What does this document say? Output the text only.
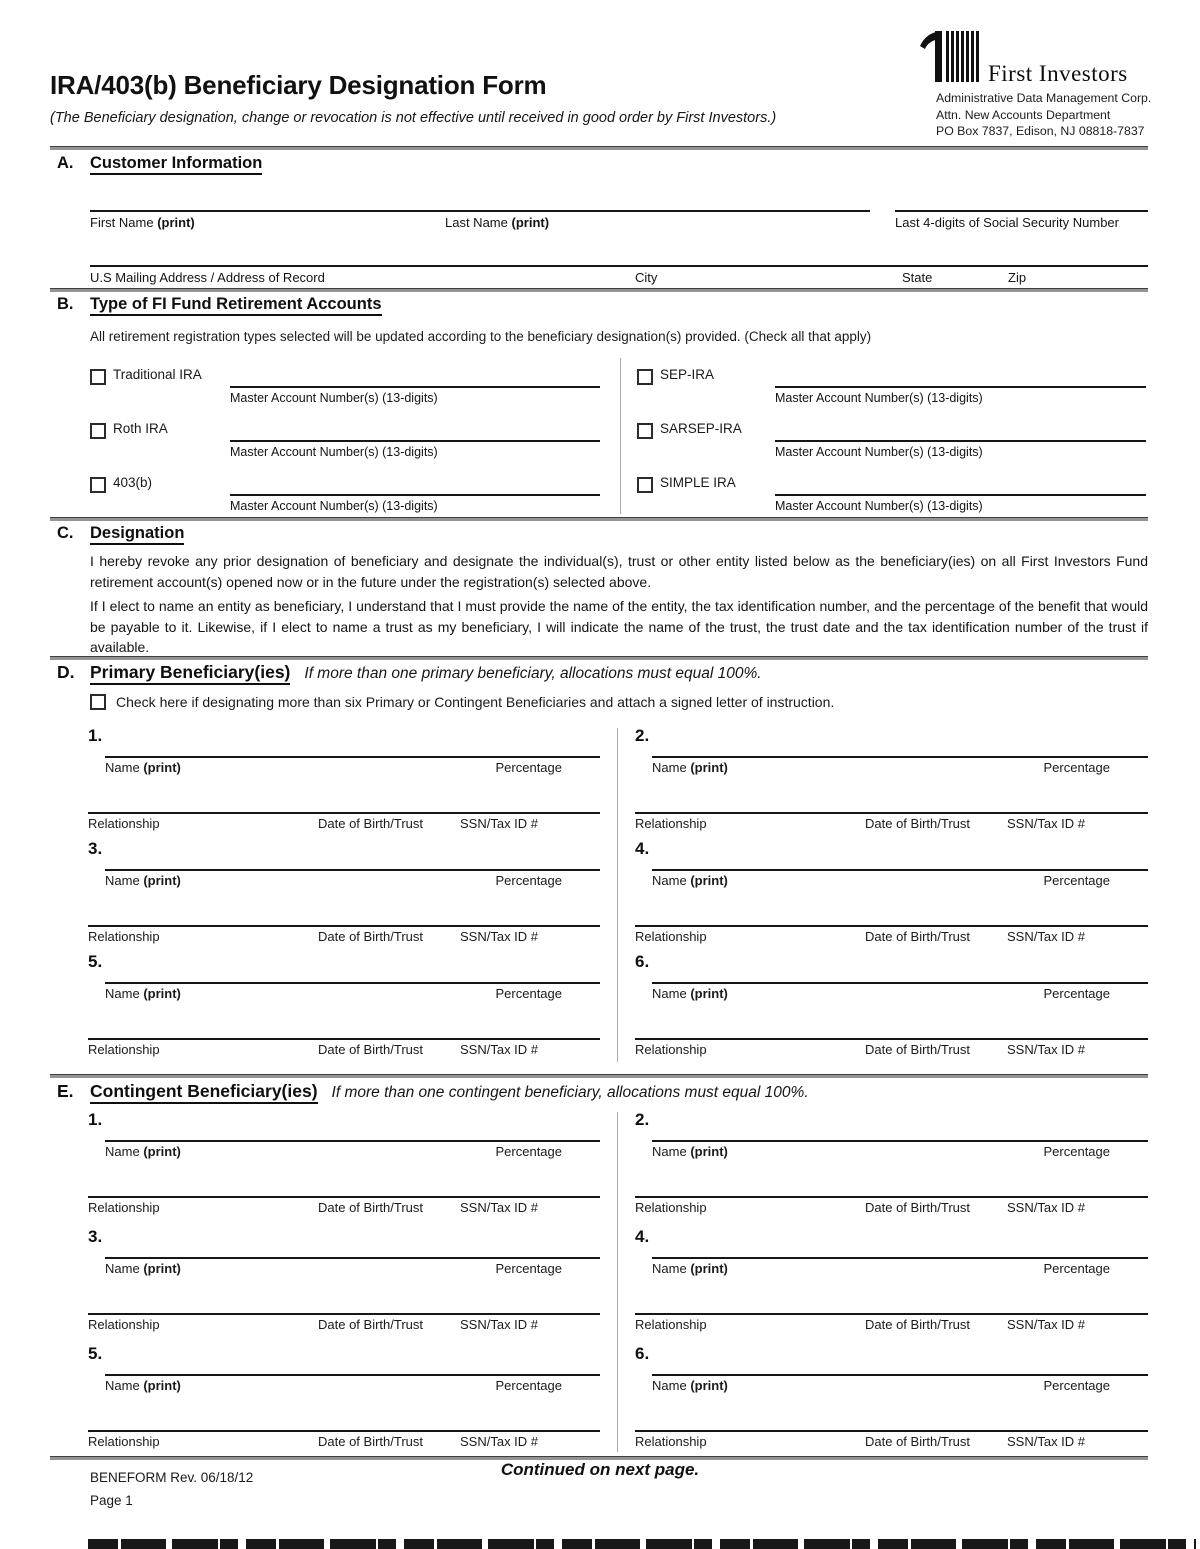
IRA/403(b) Beneficiary Designation Form
(The Beneficiary designation, change or revocation is not effective until received in good order by First Investors.)
First Investors
Administrative Data Management Corp.
Attn. New Accounts Department
PO Box 7837, Edison, NJ 08818-7837
A. Customer Information
First Name (print)	Last Name (print)	Last 4-digits of Social Security Number
U.S Mailing Address / Address of Record	City	State	Zip
B. Type of FI Fund Retirement Accounts
All retirement registration types selected will be updated according to the beneficiary designation(s) provided. (Check all that apply)
Traditional IRA
Master Account Number(s) (13-digits)
Roth IRA
Master Account Number(s) (13-digits)
403(b)
Master Account Number(s) (13-digits)
SEP-IRA
Master Account Number(s) (13-digits)
SARSEP-IRA
Master Account Number(s) (13-digits)
SIMPLE IRA
Master Account Number(s) (13-digits)
C. Designation
I hereby revoke any prior designation of beneficiary and designate the individual(s), trust or other entity listed below as the beneficiary(ies) on all First Investors Fund retirement account(s) opened now or in the future under the registration(s) selected above.
If I elect to name an entity as beneficiary, I understand that I must provide the name of the entity, the tax identification number, and the percentage of the benefit that would be payable to it. Likewise, if I elect to name a trust as my beneficiary, I will indicate the name of the trust, the trust date and the tax identification number of the trust if available.
D. Primary Beneficiary(ies) If more than one primary beneficiary, allocations must equal 100%.
Check here if designating more than six Primary or Contingent Beneficiaries and attach a signed letter of instruction.
1.
Name (print)	Percentage
Relationship	Date of Birth/Trust	SSN/Tax ID #
3.
Name (print)	Percentage
Relationship	Date of Birth/Trust	SSN/Tax ID #
5.
Name (print)	Percentage
Relationship	Date of Birth/Trust	SSN/Tax ID #
2.
Name (print)	Percentage
Relationship	Date of Birth/Trust	SSN/Tax ID #
4.
Name (print)	Percentage
Relationship	Date of Birth/Trust	SSN/Tax ID #
6.
Name (print)	Percentage
Relationship	Date of Birth/Trust	SSN/Tax ID #
E. Contingent Beneficiary(ies) If more than one contingent beneficiary, allocations must equal 100%.
1.
Name (print)	Percentage
Relationship	Date of Birth/Trust	SSN/Tax ID #
3.
Name (print)	Percentage
Relationship	Date of Birth/Trust	SSN/Tax ID #
5.
Name (print)	Percentage
Relationship	Date of Birth/Trust	SSN/Tax ID #
2.
Name (print)	Percentage
Relationship	Date of Birth/Trust	SSN/Tax ID #
4.
Name (print)	Percentage
Relationship	Date of Birth/Trust	SSN/Tax ID #
6.
Name (print)	Percentage
Relationship	Date of Birth/Trust	SSN/Tax ID #
BENEFORM Rev. 06/18/12
Page 1
Continued on next page.
